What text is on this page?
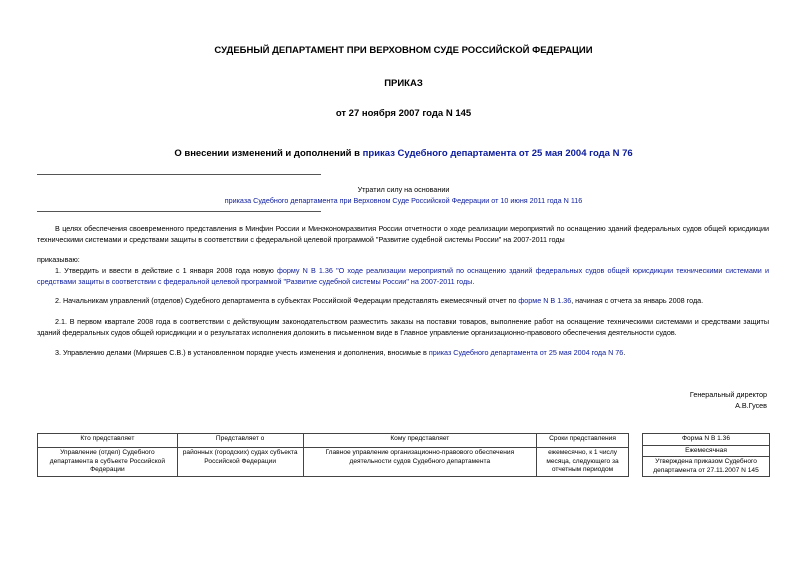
СУДЕБНЫЙ ДЕПАРТАМЕНТ ПРИ ВЕРХОВНОМ СУДЕ РОССИЙСКОЙ ФЕДЕРАЦИИ
ПРИКАЗ
от 27 ноября 2007 года N 145
О внесении изменений и дополнений в приказ Судебного департамента от 25 мая 2004 года N 76
Утратил силу на основании
приказа Судебного департамента при Верховном Суде Российской Федерации от 10 июня 2011 года N 116
В целях обеспечения своевременного представления в Минфин России и Минэкономразвития России отчетности о ходе реализации мероприятий по оснащению зданий федеральных судов общей юрисдикции техническими системами и средствами защиты в соответствии с федеральной целевой программой "Развитие судебной системы России" на 2007-2011 годы
приказываю:
1. Утвердить и ввести в действие с 1 января 2008 года новую форму N В 1.36 "О ходе реализации мероприятий по оснащению зданий федеральных судов общей юрисдикции техническими системами и средствами защиты в соответствии с федеральной целевой программой "Развитие судебной системы России" на 2007-2011 годы.
2. Начальникам управлений (отделов) Судебного департамента в субъектах Российской Федерации представлять ежемесячный отчет по форме N В 1.36, начиная с отчета за январь 2008 года.
2.1. В первом квартале 2008 года в соответствии с действующим законодательством разместить заказы на поставки товаров, выполнение работ на оснащение техническими системами и средствами защиты зданий федеральных судов общей юрисдикции и о результатах исполнения доложить в письменном виде в Главное управление организационно-правового обеспечения деятельности судов.
3. Управлению делами (Миряшев С.В.) в установленном порядке учесть изменения и дополнения, вносимые в приказ Судебного департамента от 25 мая 2004 года N 76.
Генеральный директор
А.В.Гусев
Кто представляет	Представляет о	Кому представляет	Сроки представления

Управление (отдел) Судебного департамента в субъекте Российской Федерации	районных (городских) судах субъекта Российской Федерации	Главное управление организационно-правового обеспечения деятельности судов Судебного департамента	ежемесячно, к 1 числу месяца, следующего за отчетным периодом
Форма N В 1.36
Ежемесячная
Утверждена приказом Судебного департамента от 27.11.2007 N 145
